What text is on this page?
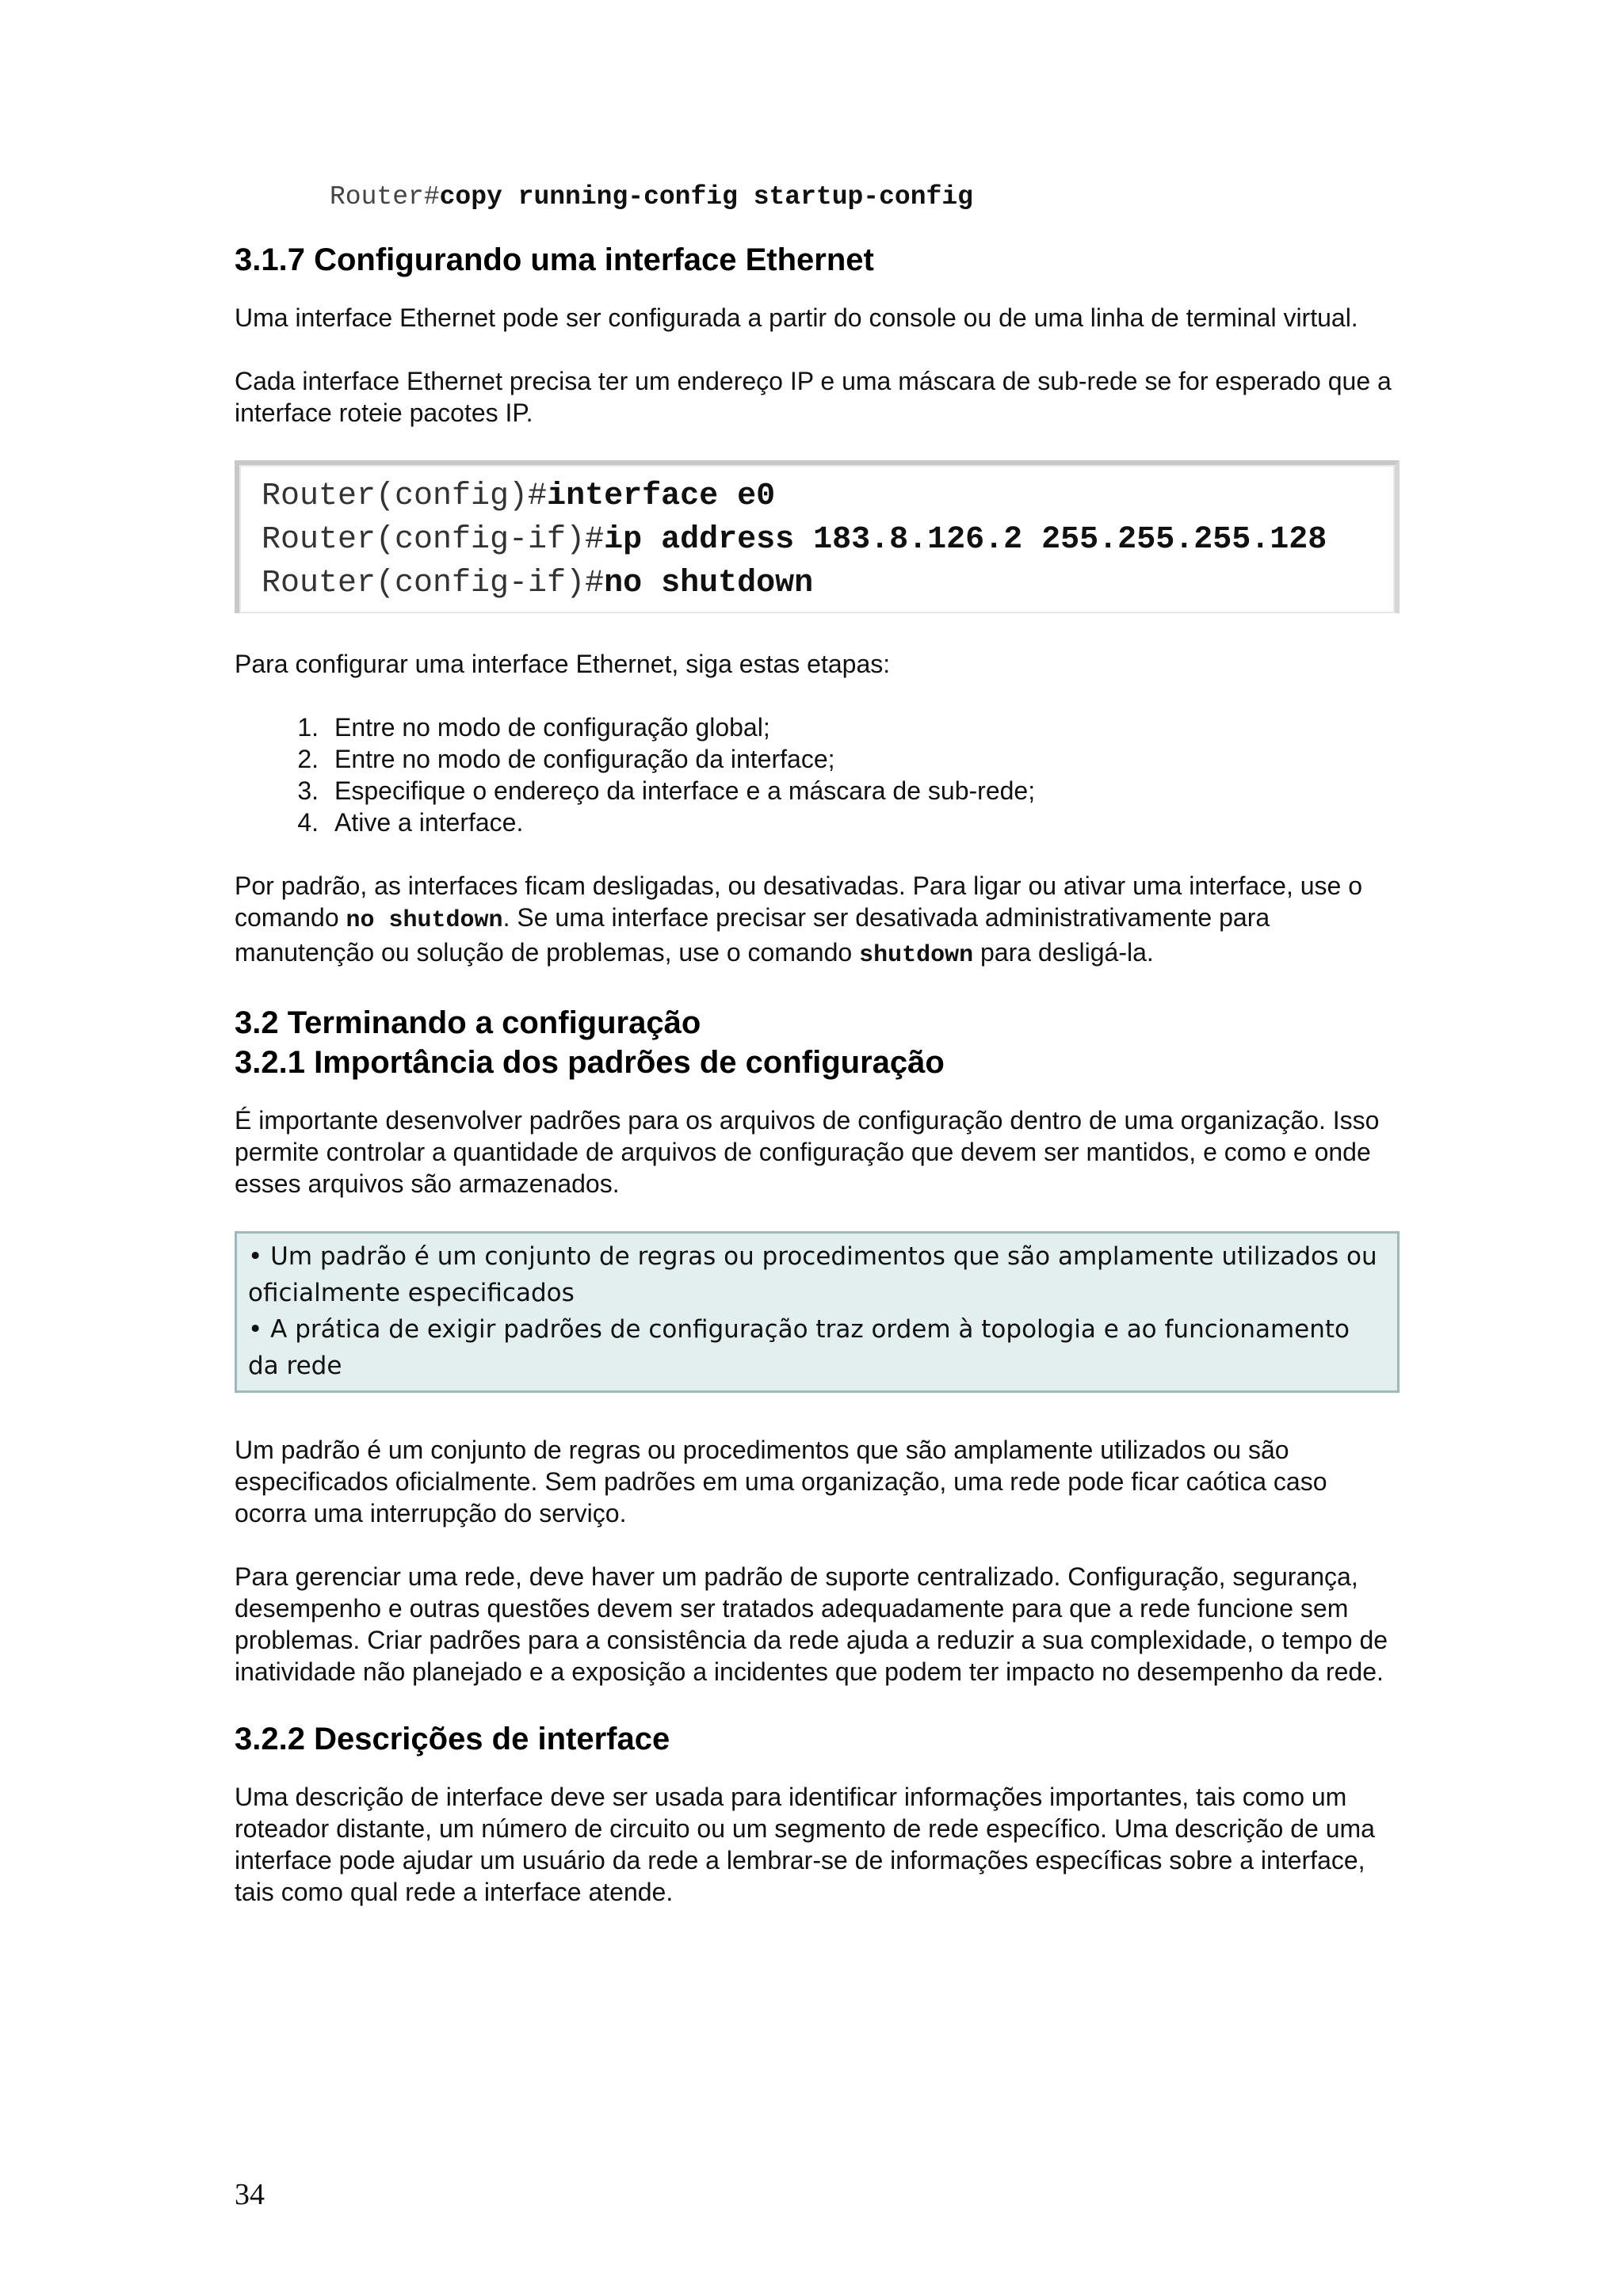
Router#copy running-config startup-config
3.1.7 Configurando uma interface Ethernet

Uma interface Ethernet pode ser configurada a partir do console ou de uma linha de terminal virtual.

Cada interface Ethernet precisa ter um endereço IP e uma máscara de sub-rede se for esperado que a interface roteie pacotes IP.

Router(config)#interface e0
Router(config-if)#ip address 183.8.126.2 255.255.255.128
Router(config-if)#no shutdown

Para configurar uma interface Ethernet, siga estas etapas:

1. Entre no modo de configuração global;
2. Entre no modo de configuração da interface;
3. Especifique o endereço da interface e a máscara de sub-rede;
4. Ative a interface.

Por padrão, as interfaces ficam desligadas, ou desativadas. Para ligar ou ativar uma interface, use o comando no shutdown. Se uma interface precisar ser desativada administrativamente para manutenção ou solução de problemas, use o comando shutdown para desligá-la.

3.2 Terminando a configuração
3.2.1 Importância dos padrões de configuração

É importante desenvolver padrões para os arquivos de configuração dentro de uma organização. Isso permite controlar a quantidade de arquivos de configuração que devem ser mantidos, e como e onde esses arquivos são armazenados.

• Um padrão é um conjunto de regras ou procedimentos que são amplamente utilizados ou oficialmente especificados
• A prática de exigir padrões de configuração traz ordem à topologia e ao funcionamento da rede

Um padrão é um conjunto de regras ou procedimentos que são amplamente utilizados ou são especificados oficialmente. Sem padrões em uma organização, uma rede pode ficar caótica caso ocorra uma interrupção do serviço.

Para gerenciar uma rede, deve haver um padrão de suporte centralizado. Configuração, segurança, desempenho e outras questões devem ser tratados adequadamente para que a rede funcione sem problemas. Criar padrões para a consistência da rede ajuda a reduzir a sua complexidade, o tempo de inatividade não planejado e a exposição a incidentes que podem ter impacto no desempenho da rede.

3.2.2 Descrições de interface

Uma descrição de interface deve ser usada para identificar informações importantes, tais como um roteador distante, um número de circuito ou um segmento de rede específico. Uma descrição de uma interface pode ajudar um usuário da rede a lembrar-se de informações específicas sobre a interface, tais como qual rede a interface atende.

34
